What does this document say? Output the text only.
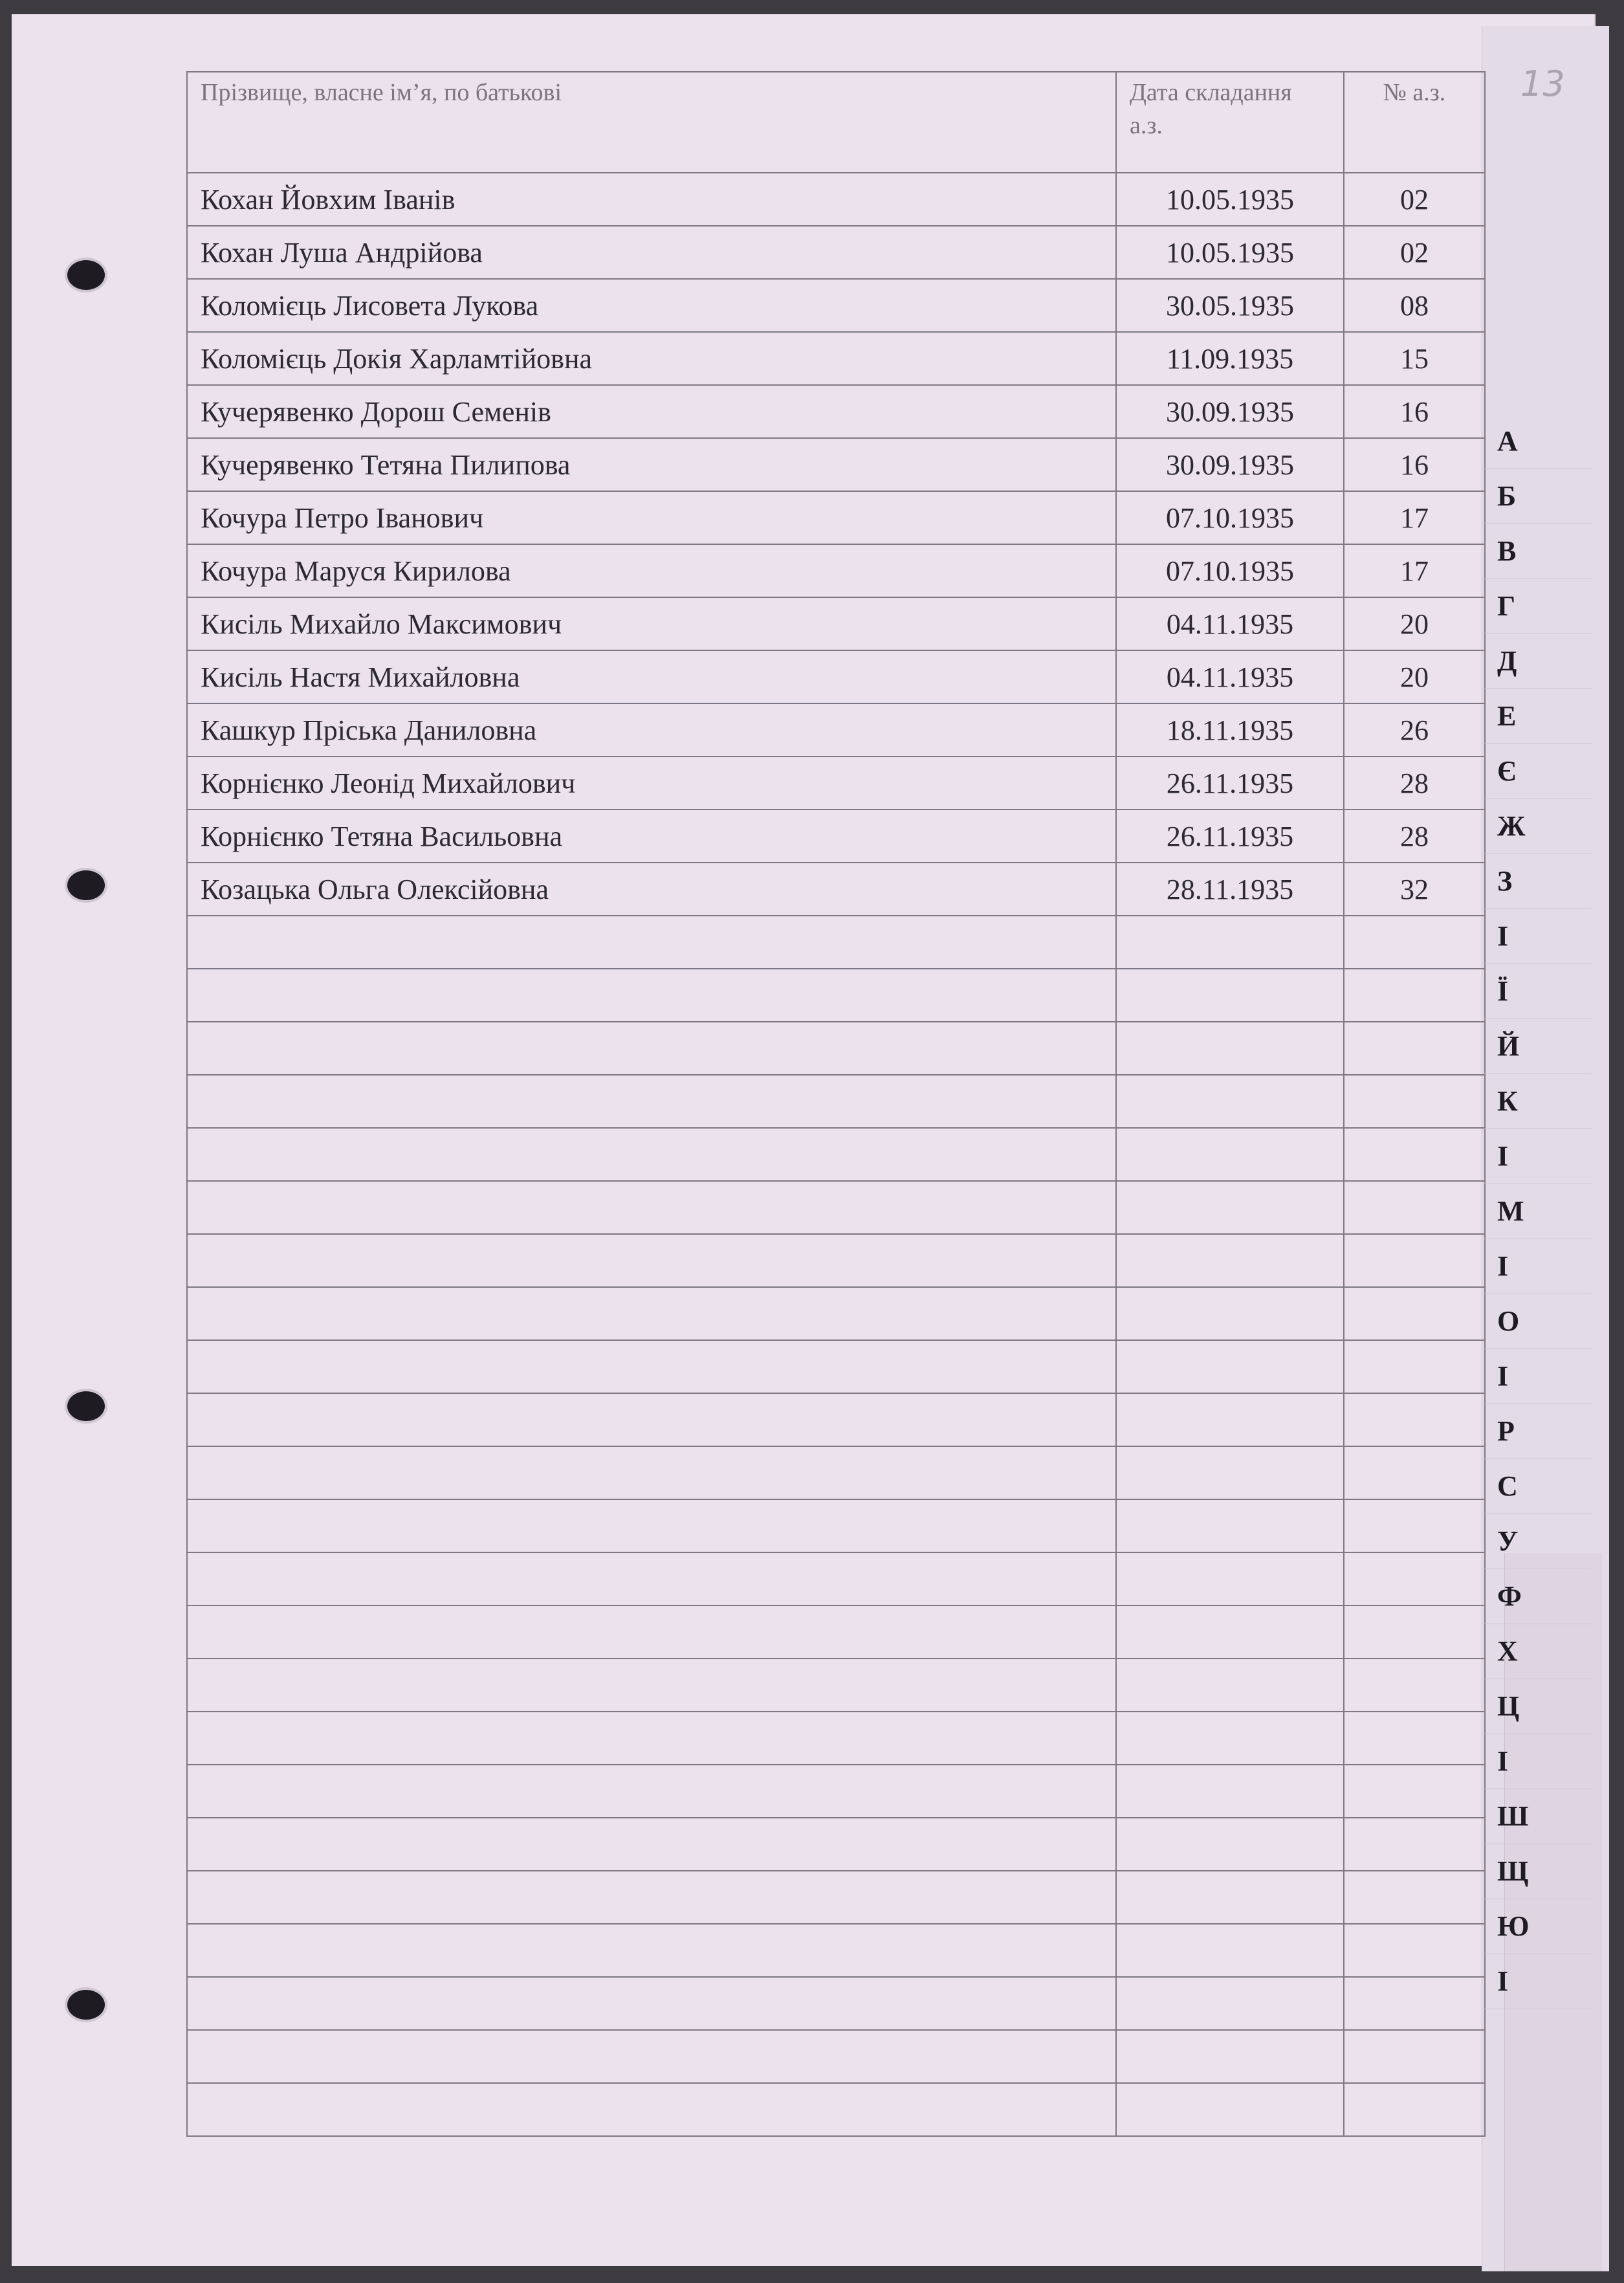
13
Прізвище, власне ім’я, по батькові	Дата складання а.з.	№ а.з.
Кохан Йовхим Іванів	10.05.1935	02
Кохан Луша Андрійова	10.05.1935	02
Коломієць Лисовета Лукова	30.05.1935	08
Коломієць Докія Харламтійовна	11.09.1935	15
Кучерявенко Дорош Семенів	30.09.1935	16
Кучерявенко Тетяна Пилипова	30.09.1935	16
Кочура Петро Іванович	07.10.1935	17
Кочура Маруся Кирилова	07.10.1935	17
Кисіль Михайло Максимович	04.11.1935	20
Кисіль Настя Михайловна	04.11.1935	20
Кашкур Пріська Даниловна	18.11.1935	26
Корнієнко Леонід Михайлович	26.11.1935	28
Корнієнко Тетяна Васильовна	26.11.1935	28
Козацька Ольга Олексійовна	28.11.1935	32

А
Б
В
Г
Д
Е
Є
Ж
З
І
Ї
Й
К
І
М
І
О
І
Р
С
У
Ф
Х
Ц
І
Ш
Щ
Ю
І
